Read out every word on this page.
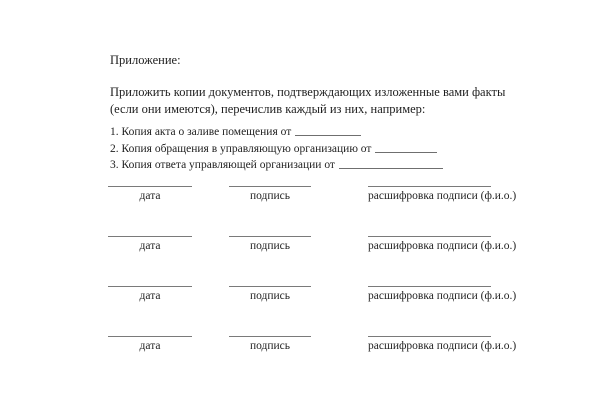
Приложение:
Приложить копии документов, подтверждающих изложенные вами факты (если они имеются), перечислив каждый из них, например:
1. Копия акта о заливе помещения от
2. Копия обращения в управляющую организацию от
3. Копия ответа управляющей организации от
дата	подпись	расшифровка подписи (ф.и.о.)
дата	подпись	расшифровка подписи (ф.и.о.)
дата	подпись	расшифровка подписи (ф.и.о.)
дата	подпись	расшифровка подписи (ф.и.о.)
